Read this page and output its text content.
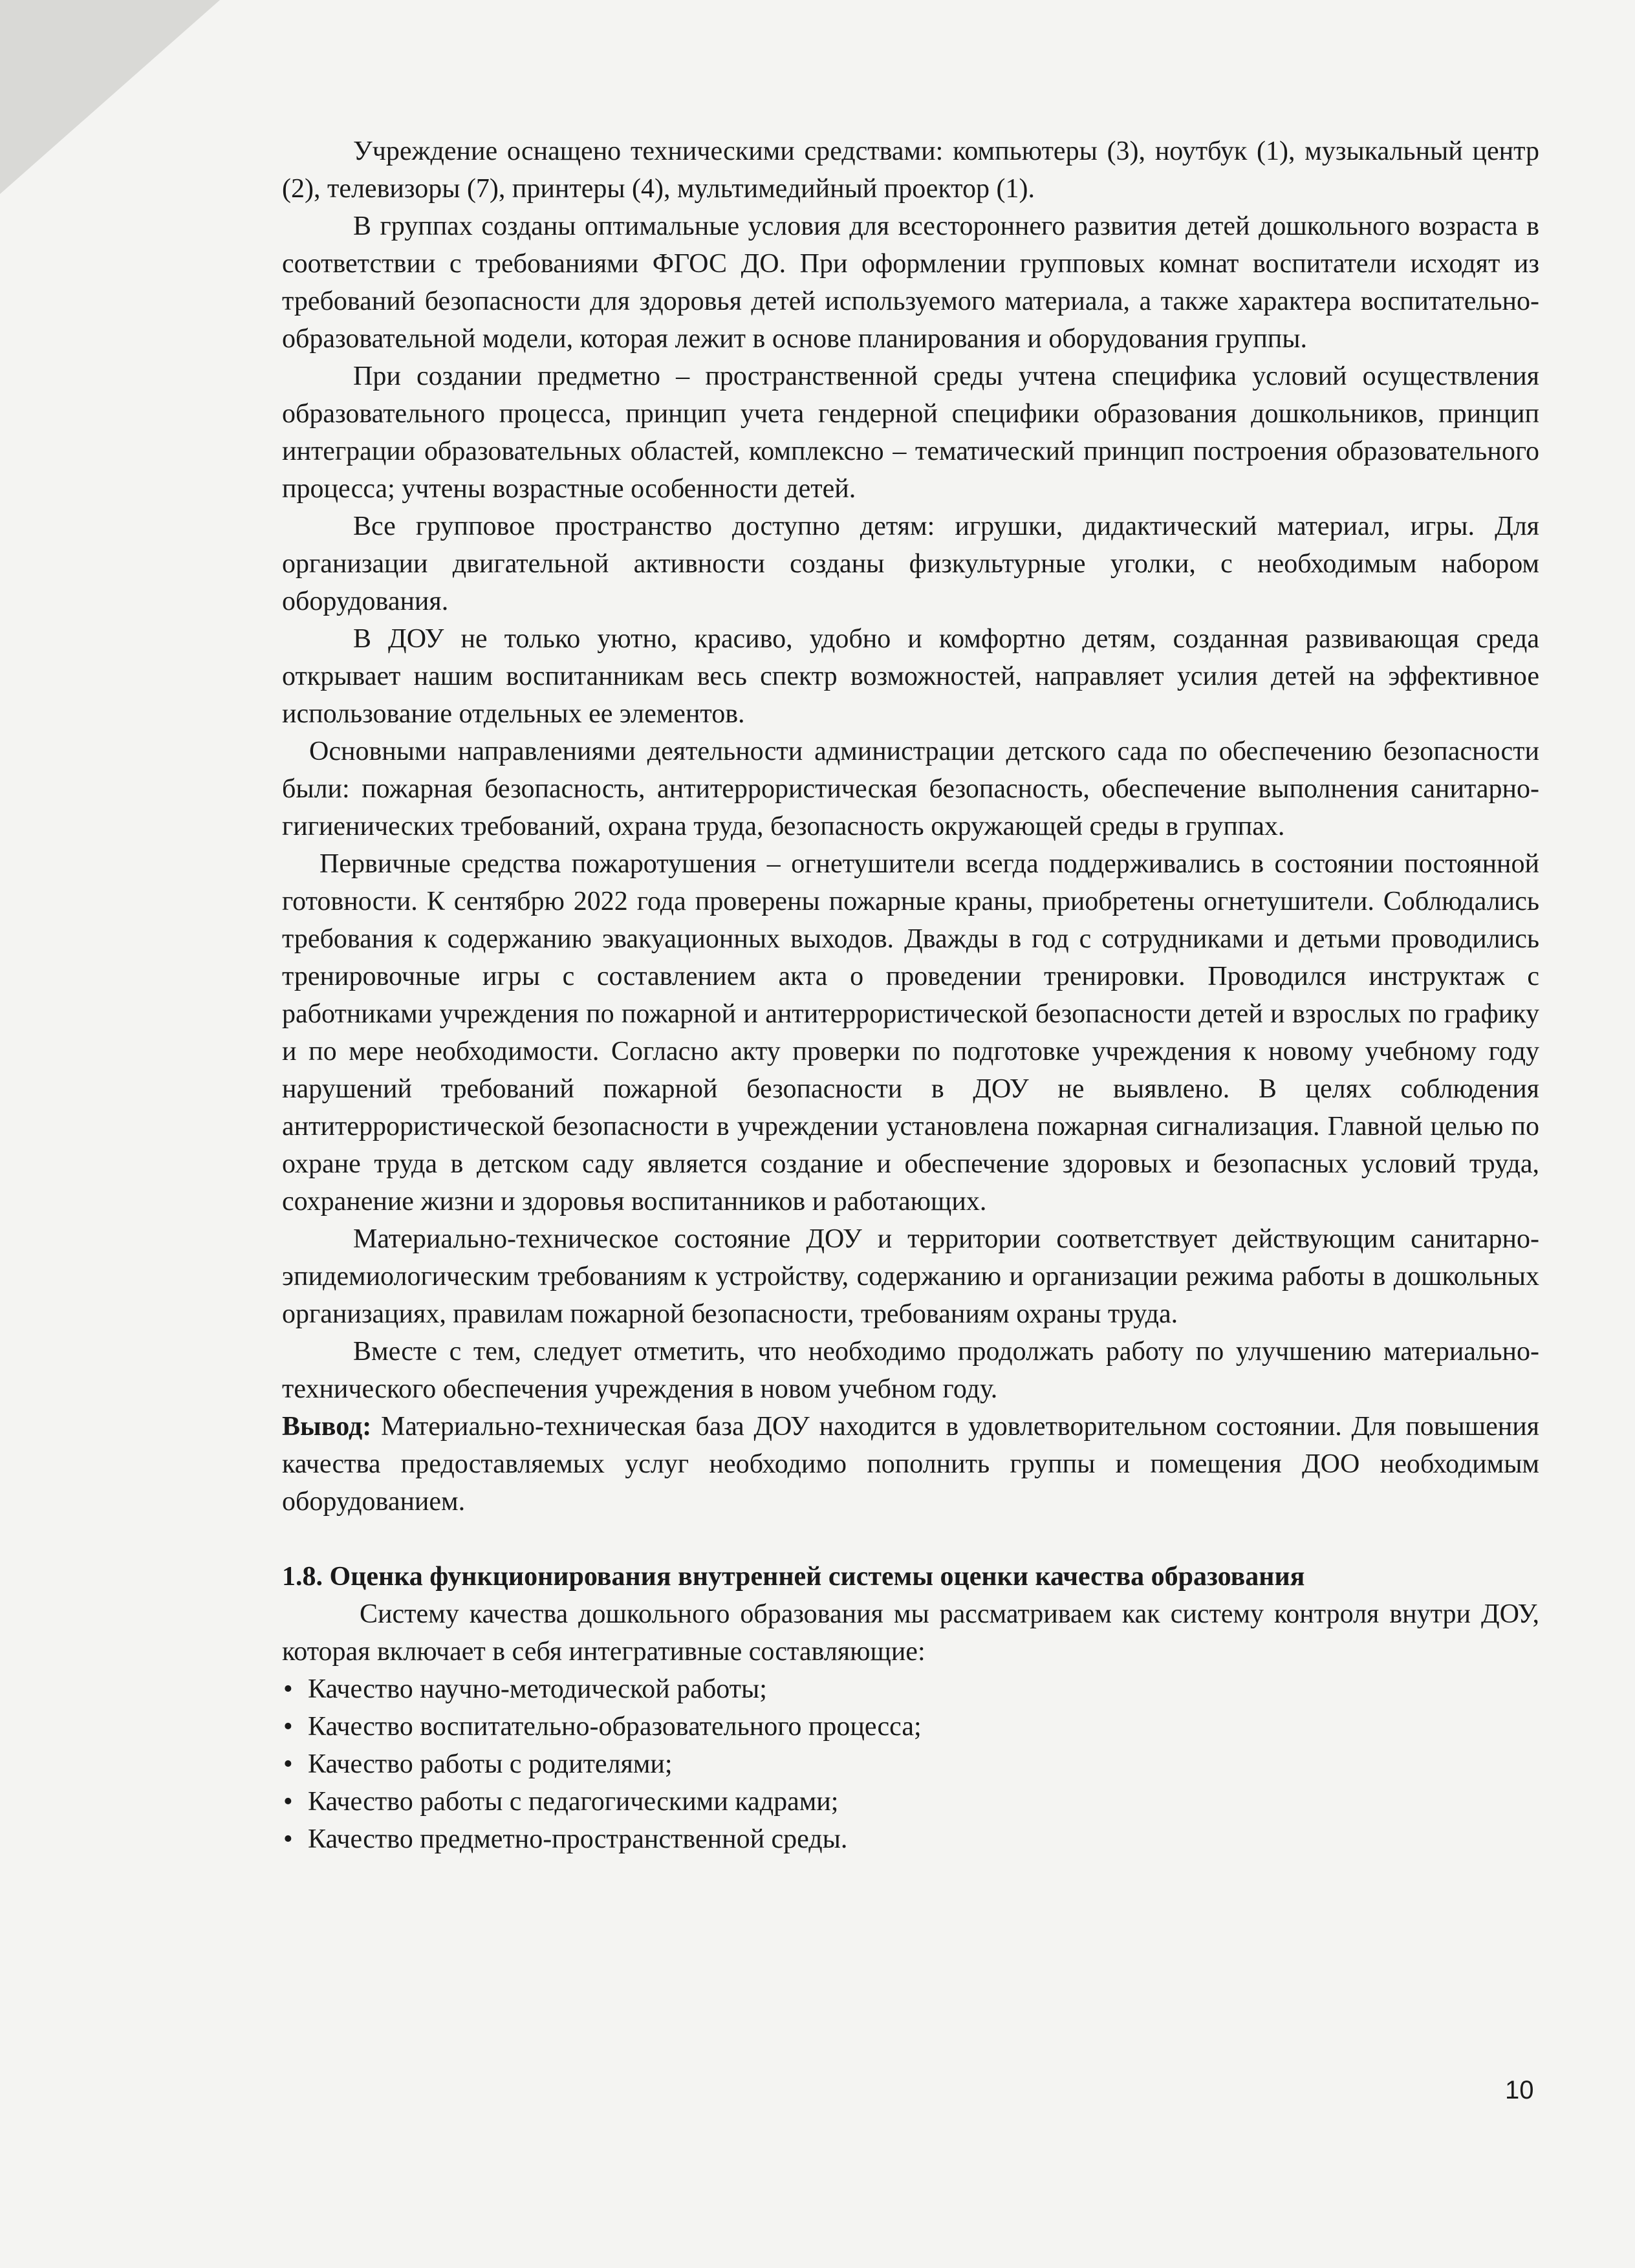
Учреждение оснащено техническими средствами: компьютеры (3), ноутбук (1), музыкальный центр (2), телевизоры (7), принтеры (4), мультимедийный проектор (1).

В группах созданы оптимальные условия для всестороннего развития детей дошкольного возраста в соответствии с требованиями ФГОС ДО. При оформлении групповых комнат воспитатели исходят из требований безопасности для здоровья детей используемого материала, а также характера воспитательно-образовательной модели, которая лежит в основе планирования и оборудования группы.

При создании предметно – пространственной среды учтена специфика условий осуществления образовательного процесса, принцип учета гендерной специфики образования дошкольников, принцип интеграции образовательных областей, комплексно – тематический принцип построения образовательного процесса; учтены возрастные особенности детей.

Все групповое пространство доступно детям: игрушки, дидактический материал, игры. Для организации двигательной активности созданы физкультурные уголки, с необходимым набором оборудования.

В ДОУ не только уютно, красиво, удобно и комфортно детям, созданная развивающая среда открывает нашим воспитанникам весь спектр возможностей, направляет усилия детей на эффективное использование отдельных ее элементов.

Основными направлениями деятельности администрации детского сада по обеспечению безопасности были: пожарная безопасность, антитеррористическая безопасность, обеспечение выполнения санитарно-гигиенических требований, охрана труда, безопасность окружающей среды в группах.

Первичные средства пожаротушения – огнетушители всегда поддерживались в состоянии постоянной готовности. К сентябрю 2022 года проверены пожарные краны, приобретены огнетушители. Соблюдались требования к содержанию эвакуационных выходов. Дважды в год с сотрудниками и детьми проводились тренировочные игры с составлением акта о проведении тренировки. Проводился инструктаж с работниками учреждения по пожарной и антитеррористической безопасности детей и взрослых по графику и по мере необходимости. Согласно акту проверки по подготовке учреждения к новому учебному году нарушений требований пожарной безопасности в ДОУ не выявлено. В целях соблюдения антитеррористической безопасности в учреждении установлена пожарная сигнализация. Главной целью по охране труда в детском саду является создание и обеспечение здоровых и безопасных условий труда, сохранение жизни и здоровья воспитанников и работающих.

Материально-техническое состояние ДОУ и территории соответствует действующим санитарно-эпидемиологическим требованиям к устройству, содержанию и организации режима работы в дошкольных организациях, правилам пожарной безопасности, требованиям охраны труда.

Вместе с тем, следует отметить, что необходимо продолжать работу по улучшению материально-технического обеспечения учреждения в новом учебном году.

Вывод: Материально-техническая база ДОУ находится в удовлетворительном состоянии. Для повышения качества предоставляемых услуг необходимо пополнить группы и помещения ДОО необходимым оборудованием.

1.8. Оценка функционирования внутренней системы оценки качества образования

Систему качества дошкольного образования мы рассматриваем как систему контроля внутри ДОУ, которая включает в себя интегративные составляющие:

• Качество научно-методической работы;
• Качество воспитательно-образовательного процесса;
• Качество работы с родителями;
• Качество работы с педагогическими кадрами;
• Качество предметно-пространственной среды.
10
